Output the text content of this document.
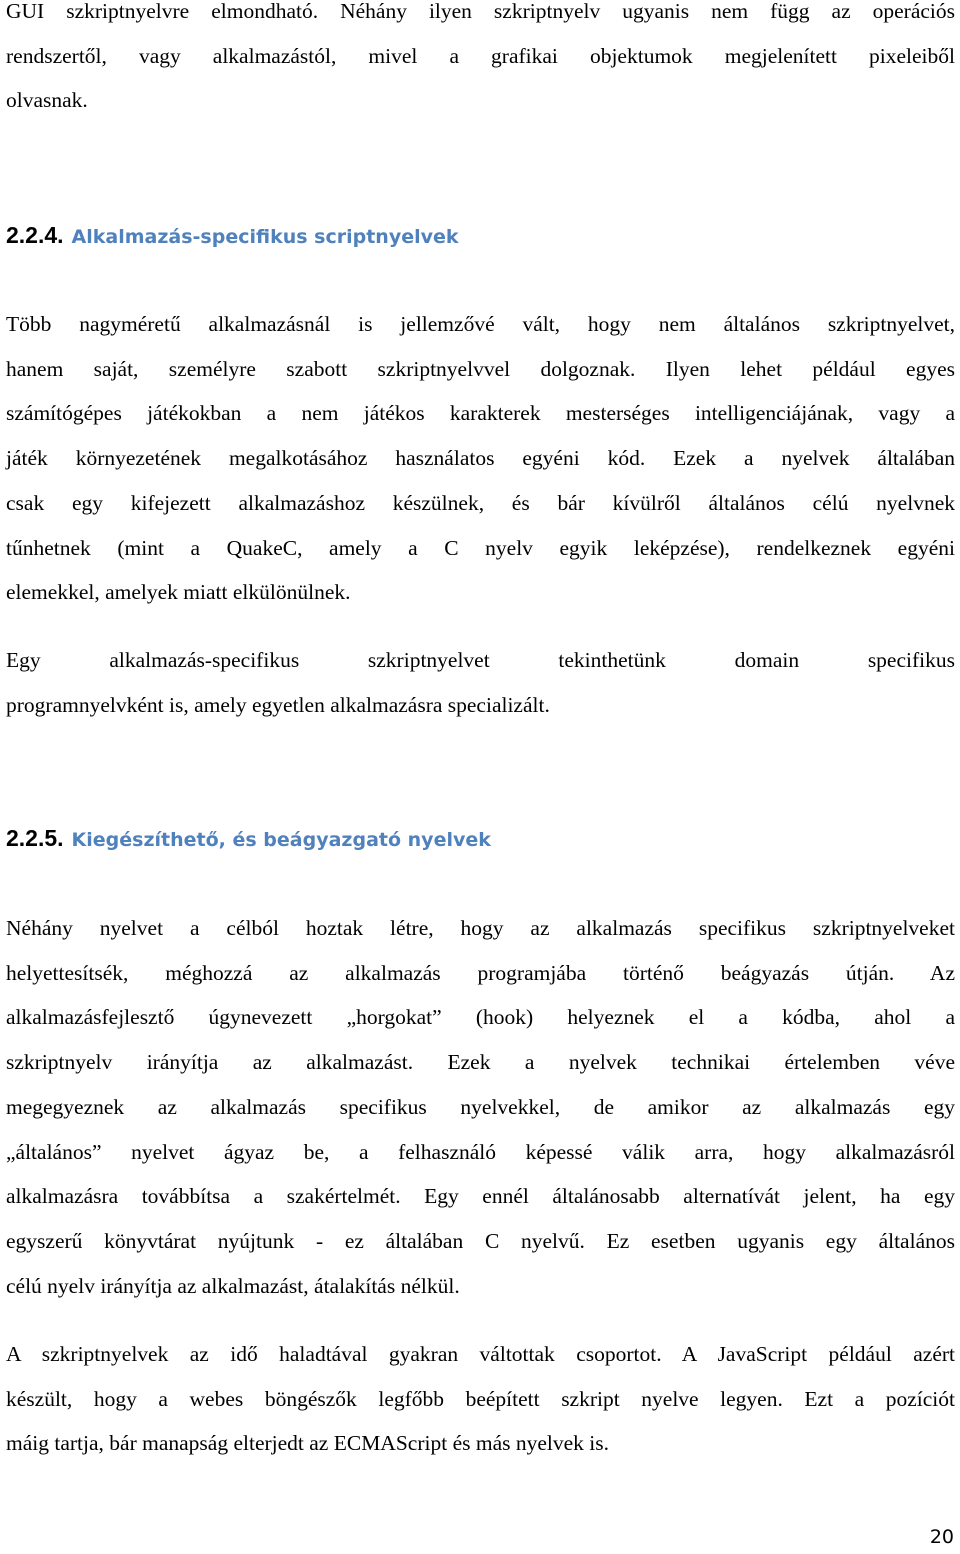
GUI szkriptnyelvre elmondható. Néhány ilyen szkriptnyelv ugyanis nem függ az operációs
rendszertől, vagy alkalmazástól, mivel a grafikai objektumok megjelenített pixeleiből
olvasnak.

2.2.4. Alkalmazás-specifikus scriptnyelvek

Több nagyméretű alkalmazásnál is jellemzővé vált, hogy nem általános szkriptnyelvet,
hanem saját, személyre szabott szkriptnyelvvel dolgoznak. Ilyen lehet például egyes
számítógépes játékokban a nem játékos karakterek mesterséges intelligenciájának, vagy a
játék környezetének megalkotásához használatos egyéni kód. Ezek a nyelvek általában
csak egy kifejezett alkalmazáshoz készülnek, és bár kívülről általános célú nyelvnek
tűnhetnek (mint a QuakeC, amely a C nyelv egyik leképzése), rendelkeznek egyéni
elemekkel, amelyek miatt elkülönülnek.

Egy alkalmazás-specifikus szkriptnyelvet tekinthetünk domain specifikus
programnyelvként is, amely egyetlen alkalmazásra specializált.

2.2.5. Kiegészíthető, és beágyazgató nyelvek

Néhány nyelvet a célból hoztak létre, hogy az alkalmazás specifikus szkriptnyelveket
helyettesítsék, méghozzá az alkalmazás programjába történő beágyazás útján. Az
alkalmazásfejlesztő úgynevezett „horgokat” (hook) helyeznek el a kódba, ahol a
szkriptnyelv irányítja az alkalmazást. Ezek a nyelvek technikai értelemben véve
megegyeznek az alkalmazás specifikus nyelvekkel, de amikor az alkalmazás egy
„általános” nyelvet ágyaz be, a felhasználó képessé válik arra, hogy alkalmazásról
alkalmazásra továbbítsa a szakértelmét. Egy ennél általánosabb alternatívát jelent, ha egy
egyszerű könyvtárat nyújtunk - ez általában C nyelvű. Ez esetben ugyanis egy általános
célú nyelv irányítja az alkalmazást, átalakítás nélkül.

A szkriptnyelvek az idő haladtával gyakran váltottak csoportot. A JavaScript például azért
készült, hogy a webes böngészők legfőbb beépített szkript nyelve legyen. Ezt a pozíciót
máig tartja, bár manapság elterjedt az ECMAScript és más nyelvek is.

20
